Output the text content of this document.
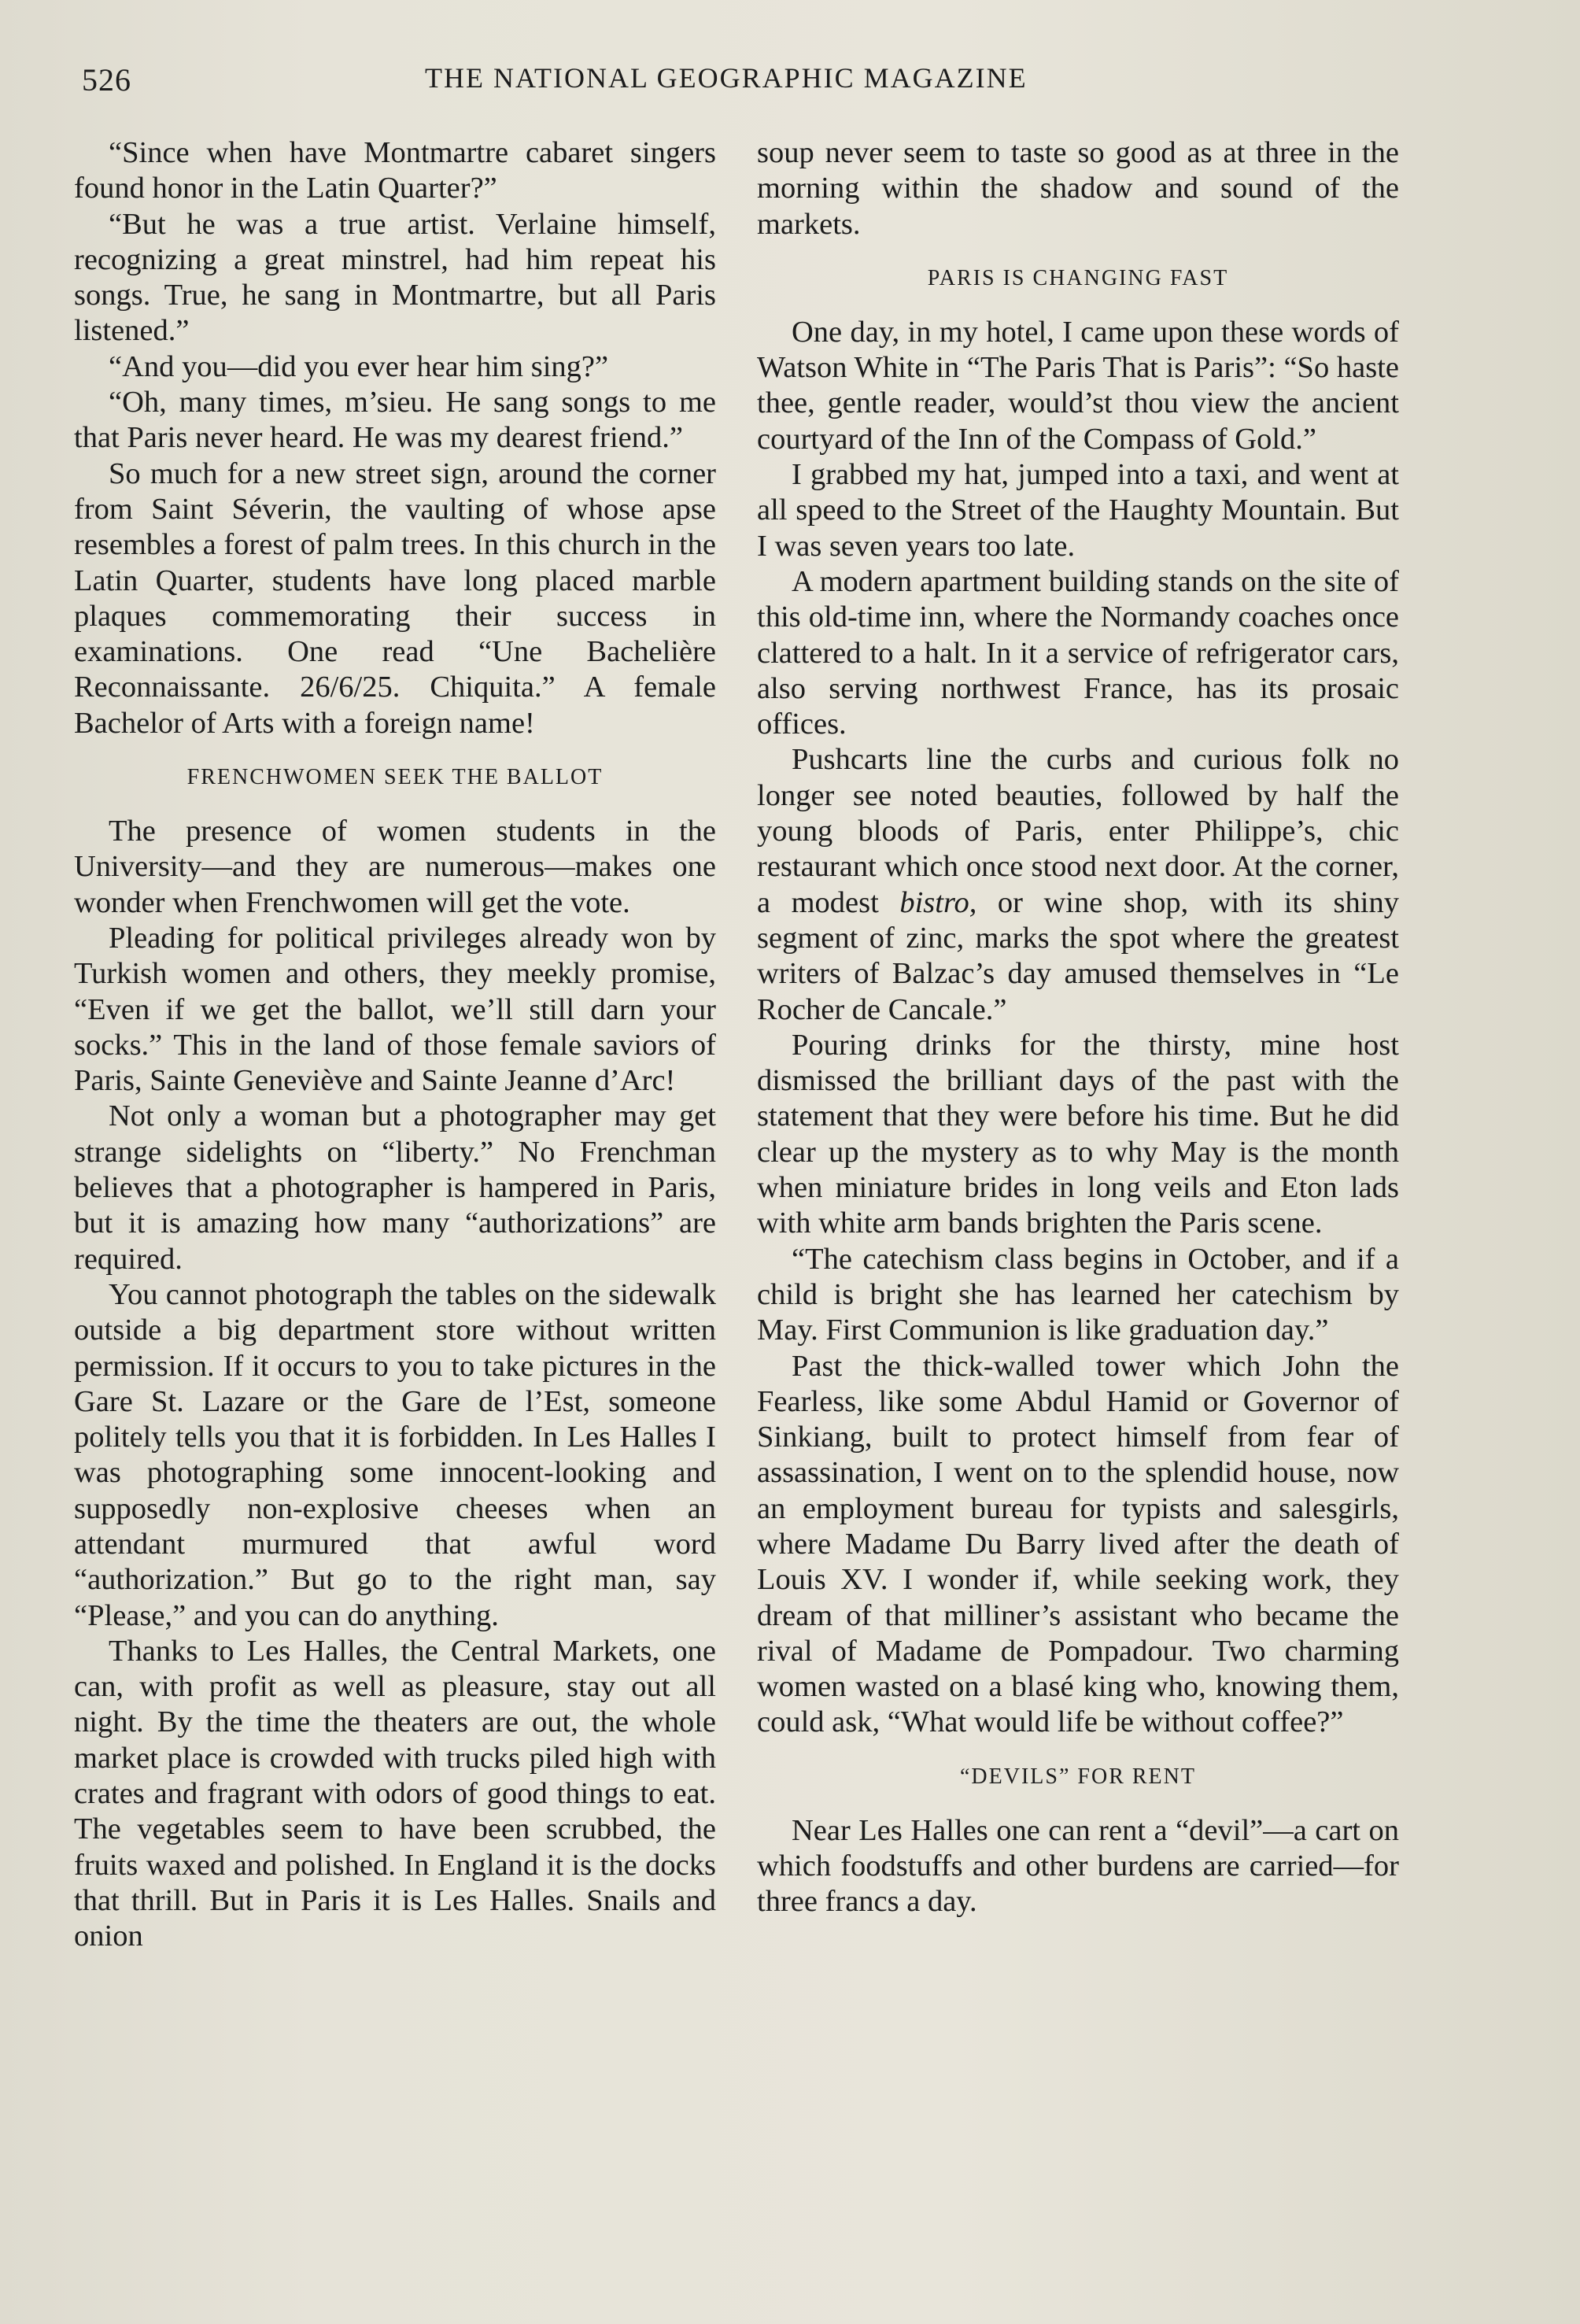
526	THE NATIONAL GEOGRAPHIC MAGAZINE

“Since when have Montmartre cabaret singers found honor in the Latin Quarter?”

“But he was a true artist. Verlaine himself, recognizing a great minstrel, had him repeat his songs. True, he sang in Montmartre, but all Paris listened.”

“And you—did you ever hear him sing?”

“Oh, many times, m’sieu. He sang songs to me that Paris never heard. He was my dearest friend.”

So much for a new street sign, around the corner from Saint Séverin, the vaulting of whose apse resembles a forest of palm trees. In this church in the Latin Quarter, students have long placed marble plaques commemorating their success in examinations. One read “Une Bachelière Reconnaissante. 26/6/25. Chiquita.” A female Bachelor of Arts with a foreign name!

FRENCHWOMEN SEEK THE BALLOT

The presence of women students in the University—and they are numerous—makes one wonder when Frenchwomen will get the vote.

Pleading for political privileges already won by Turkish women and others, they meekly promise, “Even if we get the ballot, we’ll still darn your socks.” This in the land of those female saviors of Paris, Sainte Geneviève and Sainte Jeanne d’Arc!

Not only a woman but a photographer may get strange sidelights on “liberty.” No Frenchman believes that a photographer is hampered in Paris, but it is amazing how many “authorizations” are required.

You cannot photograph the tables on the sidewalk outside a big department store without written permission. If it occurs to you to take pictures in the Gare St. Lazare or the Gare de l’Est, someone politely tells you that it is forbidden. In Les Halles I was photographing some innocent-looking and supposedly non-explosive cheeses when an attendant murmured that awful word “authorization.” But go to the right man, say “Please,” and you can do anything.

Thanks to Les Halles, the Central Markets, one can, with profit as well as pleasure, stay out all night. By the time the theaters are out, the whole market place is crowded with trucks piled high with crates and fragrant with odors of good things to eat. The vegetables seem to have been scrubbed, the fruits waxed and polished. In England it is the docks that thrill. But in Paris it is Les Halles. Snails and onion

soup never seem to taste so good as at three in the morning within the shadow and sound of the markets.

PARIS IS CHANGING FAST

One day, in my hotel, I came upon these words of Watson White in “The Paris That is Paris”: “So haste thee, gentle reader, would’st thou view the ancient courtyard of the Inn of the Compass of Gold.”

I grabbed my hat, jumped into a taxi, and went at all speed to the Street of the Haughty Mountain. But I was seven years too late.

A modern apartment building stands on the site of this old-time inn, where the Normandy coaches once clattered to a halt. In it a service of refrigerator cars, also serving northwest France, has its prosaic offices.

Pushcarts line the curbs and curious folk no longer see noted beauties, followed by half the young bloods of Paris, enter Philippe’s, chic restaurant which once stood next door. At the corner, a modest bistro, or wine shop, with its shiny segment of zinc, marks the spot where the greatest writers of Balzac’s day amused themselves in “Le Rocher de Cancale.”

Pouring drinks for the thirsty, mine host dismissed the brilliant days of the past with the statement that they were before his time. But he did clear up the mystery as to why May is the month when miniature brides in long veils and Eton lads with white arm bands brighten the Paris scene.

“The catechism class begins in October, and if a child is bright she has learned her catechism by May. First Communion is like graduation day.”

Past the thick-walled tower which John the Fearless, like some Abdul Hamid or Governor of Sinkiang, built to protect himself from fear of assassination, I went on to the splendid house, now an employment bureau for typists and salesgirls, where Madame Du Barry lived after the death of Louis XV. I wonder if, while seeking work, they dream of that milliner’s assistant who became the rival of Madame de Pompadour. Two charming women wasted on a blasé king who, knowing them, could ask, “What would life be without coffee?”

“DEVILS” FOR RENT

Near Les Halles one can rent a “devil”—a cart on which foodstuffs and other burdens are carried—for three francs a day.
